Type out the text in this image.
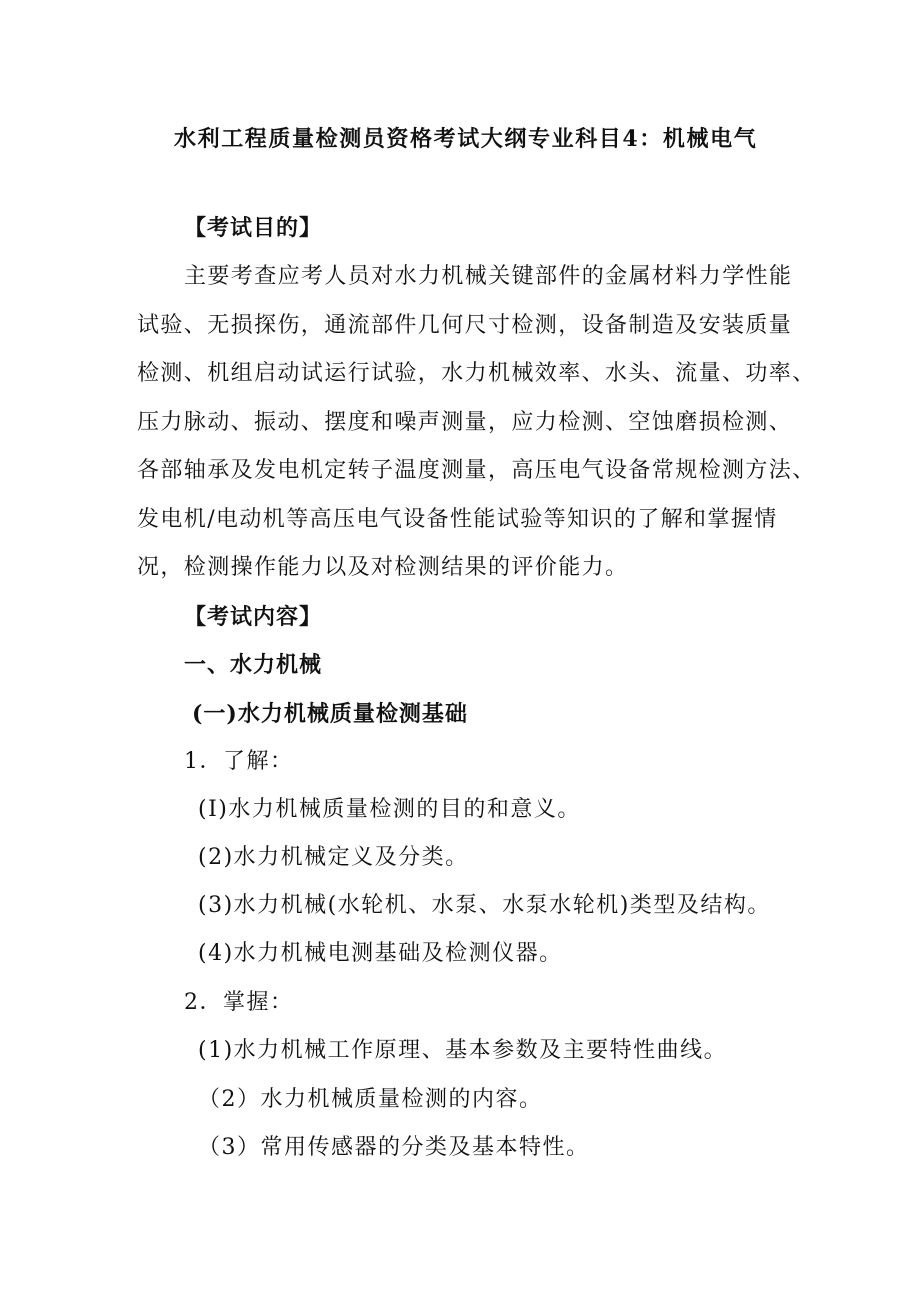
水利工程质量检测员资格考试大纲专业科目4：机械电气
【考试目的】
主要考查应考人员对水力机械关键部件的金属材料力学性能
试验、无损探伤，通流部件几何尺寸检测，设备制造及安装质量
检测、机组启动试运行试验，水力机械效率、水头、流量、功率、
压力脉动、振动、摆度和噪声测量，应力检测、空蚀磨损检测、
各部轴承及发电机定转子温度测量，高压电气设备常规检测方法、
发电机/电动机等高压电气设备性能试验等知识的了解和掌握情
况，检测操作能力以及对检测结果的评价能力。
【考试内容】
一、水力机械
(一)水力机械质量检测基础
1．了解：
(I)水力机械质量检测的目的和意义。
(2)水力机械定义及分类。
(3)水力机械(水轮机、水泵、水泵水轮机)类型及结构。
(4)水力机械电测基础及检测仪器。
2．掌握：
(1)水力机械工作原理、基本参数及主要特性曲线。
（2）水力机械质量检测的内容。
（3）常用传感器的分类及基本特性。
